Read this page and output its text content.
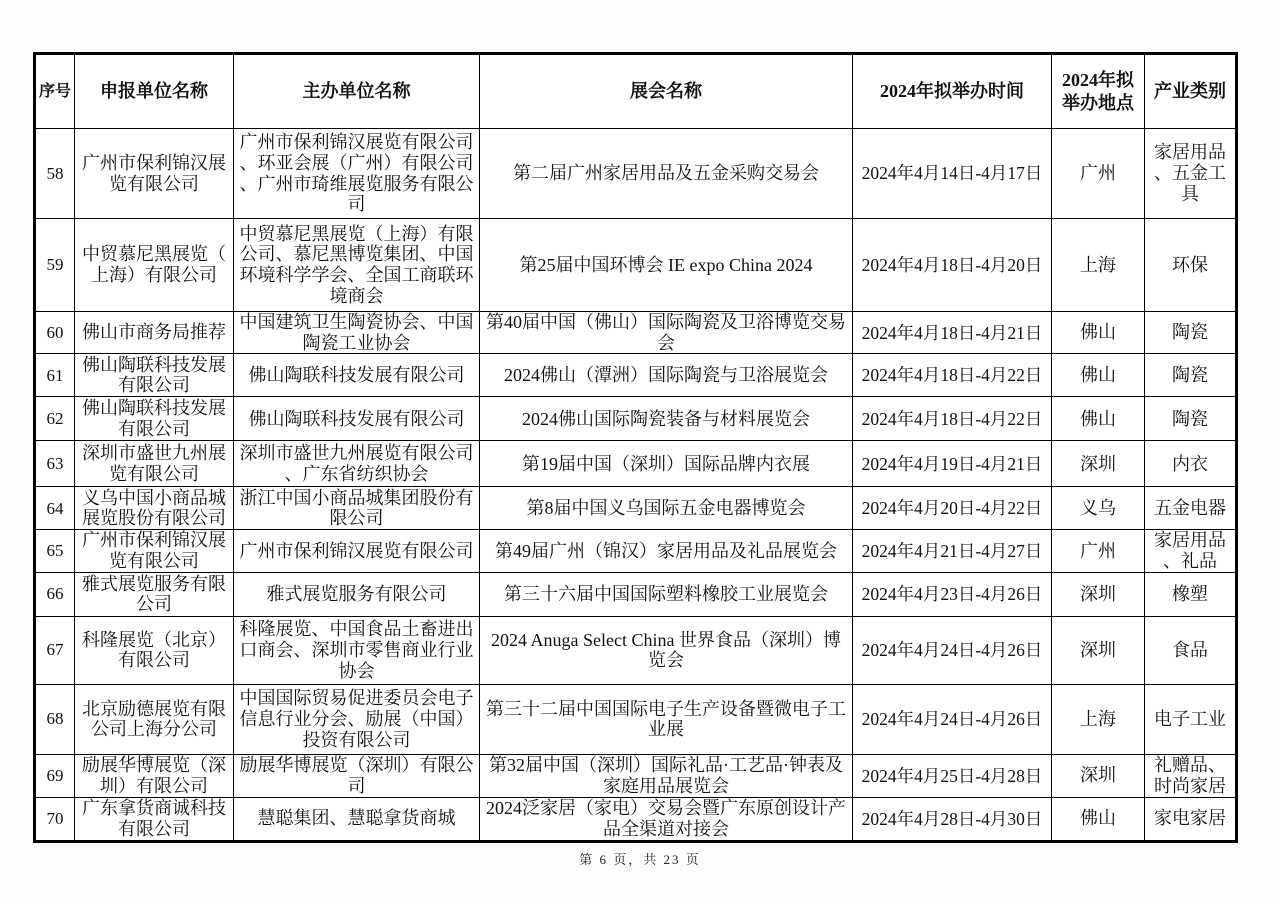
序号	申报单位名称	主办单位名称	展会名称	2024年拟举办时间	2024年拟举办地点	产业类别
58	广州市保利锦汉展览有限公司	广州市保利锦汉展览有限公司、环亚会展（广州）有限公司、广州市琦维展览服务有限公司	第二届广州家居用品及五金采购交易会	2024年4月14日-4月17日	广州	家居用品、五金工具
59	中贸慕尼黑展览（上海）有限公司	中贸慕尼黑展览（上海）有限公司、慕尼黑博览集团、中国环境科学学会、全国工商联环境商会	第25届中国环博会 IE expo China 2024	2024年4月18日-4月20日	上海	环保
60	佛山市商务局推荐	中国建筑卫生陶瓷协会、中国陶瓷工业协会	第40届中国（佛山）国际陶瓷及卫浴博览交易会	2024年4月18日-4月21日	佛山	陶瓷
61	佛山陶联科技发展有限公司	佛山陶联科技发展有限公司	2024佛山（潭洲）国际陶瓷与卫浴展览会	2024年4月18日-4月22日	佛山	陶瓷
62	佛山陶联科技发展有限公司	佛山陶联科技发展有限公司	2024佛山国际陶瓷装备与材料展览会	2024年4月18日-4月22日	佛山	陶瓷
63	深圳市盛世九州展览有限公司	深圳市盛世九州展览有限公司、广东省纺织协会	第19届中国（深圳）国际品牌内衣展	2024年4月19日-4月21日	深圳	内衣
64	义乌中国小商品城展览股份有限公司	浙江中国小商品城集团股份有限公司	第8届中国义乌国际五金电器博览会	2024年4月20日-4月22日	义乌	五金电器
65	广州市保利锦汉展览有限公司	广州市保利锦汉展览有限公司	第49届广州（锦汉）家居用品及礼品展览会	2024年4月21日-4月27日	广州	家居用品、礼品
66	雅式展览服务有限公司	雅式展览服务有限公司	第三十六届中国国际塑料橡胶工业展览会	2024年4月23日-4月26日	深圳	橡塑
67	科隆展览（北京）有限公司	科隆展览、中国食品土畜进出口商会、深圳市零售商业行业协会	2024 Anuga Select China 世界食品（深圳）博览会	2024年4月24日-4月26日	深圳	食品
68	北京励德展览有限公司上海分公司	中国国际贸易促进委员会电子信息行业分会、励展（中国）投资有限公司	第三十二届中国国际电子生产设备暨微电子工业展	2024年4月24日-4月26日	上海	电子工业
69	励展华博展览（深圳）有限公司	励展华博展览（深圳）有限公司	第32届中国（深圳）国际礼品·工艺品·钟表及家庭用品展览会	2024年4月25日-4月28日	深圳	礼赠品、时尚家居
70	广东拿货商诚科技有限公司	慧聪集团、慧聪拿货商城	2024泛家居（家电）交易会暨广东原创设计产品全渠道对接会	2024年4月28日-4月30日	佛山	家电家居
第 6 页，共 23 页
